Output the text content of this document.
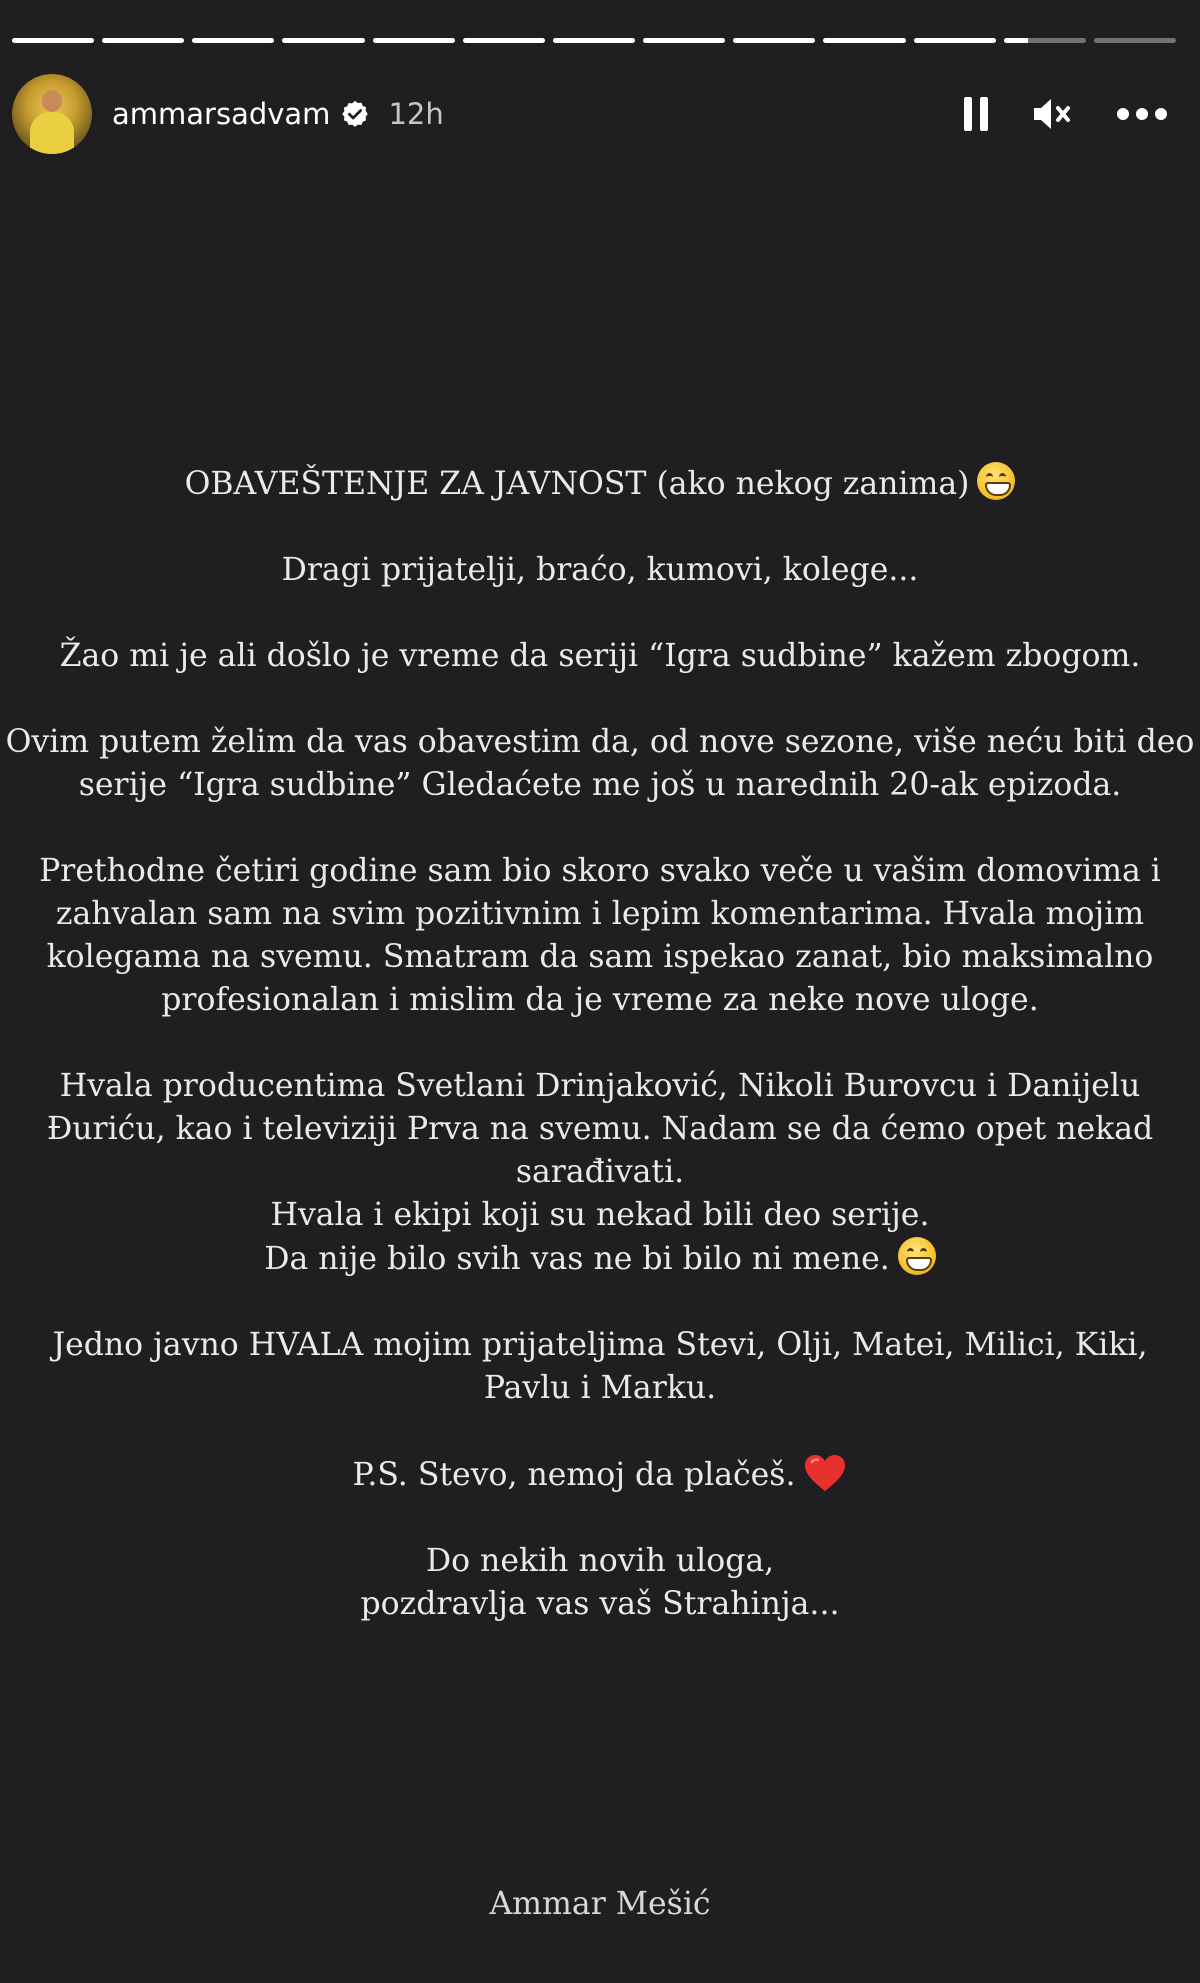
ammarsadvam 12h

OBAVEŠTENJE ZA JAVNOST (ako nekog zanima)

Dragi prijatelji, braćo, kumovi, kolege...

Žao mi je ali došlo je vreme da seriji “Igra sudbine” kažem zbogom.

Ovim putem želim da vas obavestim da, od nove sezone, više neću biti deo
serije “Igra sudbine” Gledaćete me još u narednih 20-ak epizoda.

Prethodne četiri godine sam bio skoro svako veče u vašim domovima i
zahvalan sam na svim pozitivnim i lepim komentarima. Hvala mojim
kolegama na svemu. Smatram da sam ispekao zanat, bio maksimalno
profesionalan i mislim da je vreme za neke nove uloge.

Hvala producentima Svetlani Drinjaković, Nikoli Burovcu i Danijelu
Đuriću, kao i televiziji Prva na svemu. Nadam se da ćemo opet nekad
sarađivati.
Hvala i ekipi koji su nekad bili deo serije.
Da nije bilo svih vas ne bi bilo ni mene.

Jedno javno HVALA mojim prijateljima Stevi, Olji, Matei, Milici, Kiki,
Pavlu i Marku.

P.S. Stevo, nemoj da plačeš.

Do nekih novih uloga,
pozdravlja vas vaš Strahinja...

Ammar Mešić
